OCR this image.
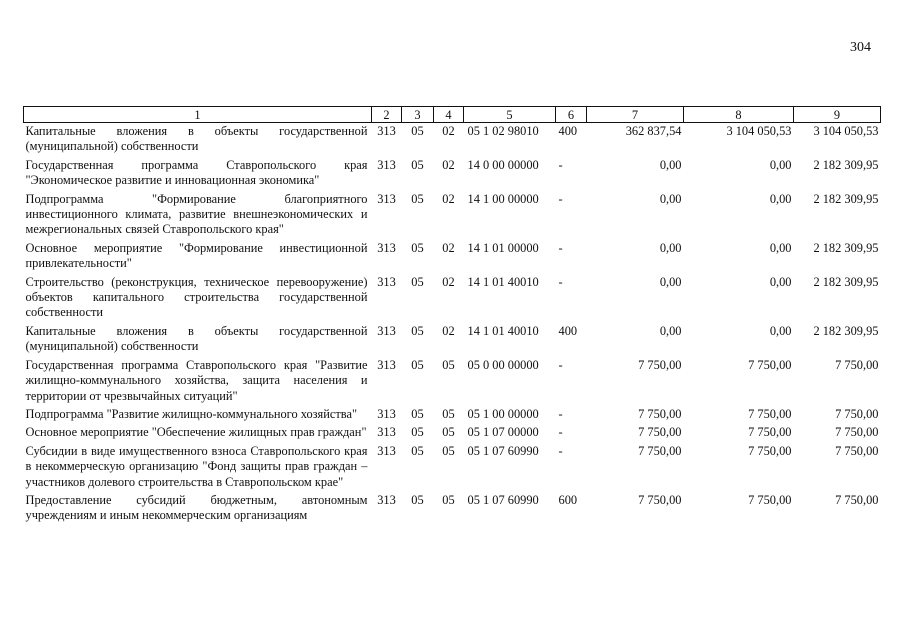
304
1	2	3	4	5	6	7	8	9
Капитальные вложения в объекты государственной (муниципальной) собственности	313	05	02	05 1 02 98010	400	362 837,54	3 104 050,53	3 104 050,53
Государственная программа Ставропольского края "Экономическое развитие и инновационная экономика"	313	05	02	14 0 00 00000	-	0,00	0,00	2 182 309,95
Подпрограмма "Формирование благоприятного инвестиционного климата, развитие внешнеэкономических и межрегиональных связей Ставропольского края"	313	05	02	14 1 00 00000	-	0,00	0,00	2 182 309,95
Основное мероприятие "Формирование инвестиционной привлекательности"	313	05	02	14 1 01 00000	-	0,00	0,00	2 182 309,95
Строительство (реконструкция, техническое перевооружение) объектов капитального строительства государственной собственности	313	05	02	14 1 01 40010	-	0,00	0,00	2 182 309,95
Капитальные вложения в объекты государственной (муниципальной) собственности	313	05	02	14 1 01 40010	400	0,00	0,00	2 182 309,95
Государственная программа Ставропольского края "Развитие жилищно-коммунального хозяйства, защита населения и территории от чрезвычайных ситуаций"	313	05	05	05 0 00 00000	-	7 750,00	7 750,00	7 750,00
Подпрограмма "Развитие жилищно-коммунального хозяйства"	313	05	05	05 1 00 00000	-	7 750,00	7 750,00	7 750,00
Основное мероприятие "Обеспечение жилищных прав граждан"	313	05	05	05 1 07 00000	-	7 750,00	7 750,00	7 750,00
Субсидии в виде имущественного взноса Ставропольского края в некоммерческую организацию "Фонд защиты прав граждан – участников долевого строительства в Ставропольском крае"	313	05	05	05 1 07 60990	-	7 750,00	7 750,00	7 750,00
Предоставление субсидий бюджетным, автономным учреждениям и иным некоммерческим организациям	313	05	05	05 1 07 60990	600	7 750,00	7 750,00	7 750,00
